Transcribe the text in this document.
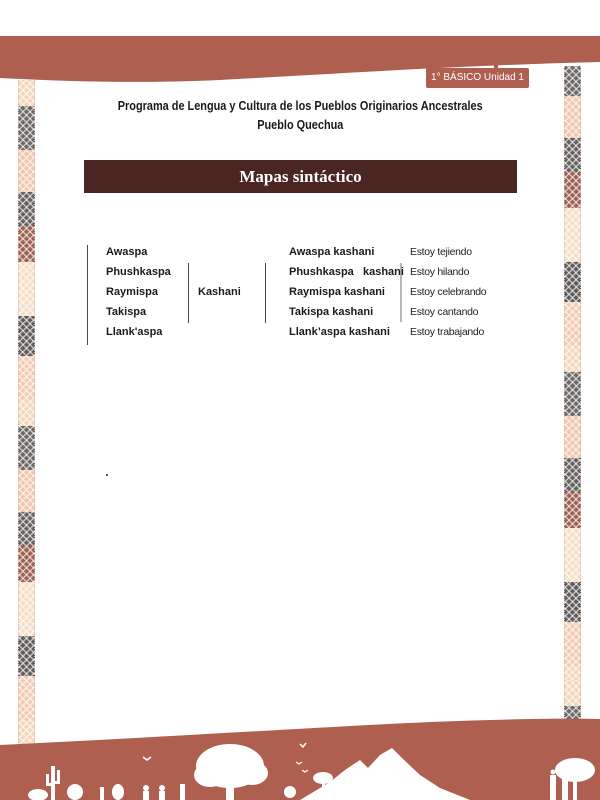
1° BÁSICO Unidad 1
Programa de Lengua y Cultura de los Pueblos Originarios Ancestrales
Pueblo Quechua
Mapas sintáctico
Awaspa
Phushkaspa
Raymispa
Takispa
Llank'aspa
Kashani
Awaspa kashani
Phushkaspa   kashani
Raymispa kashani
Takispa kashani
Llank’aspa kashani
Estoy tejiendo
Estoy hilando
Estoy celebrando
Estoy cantando
Estoy trabajando
